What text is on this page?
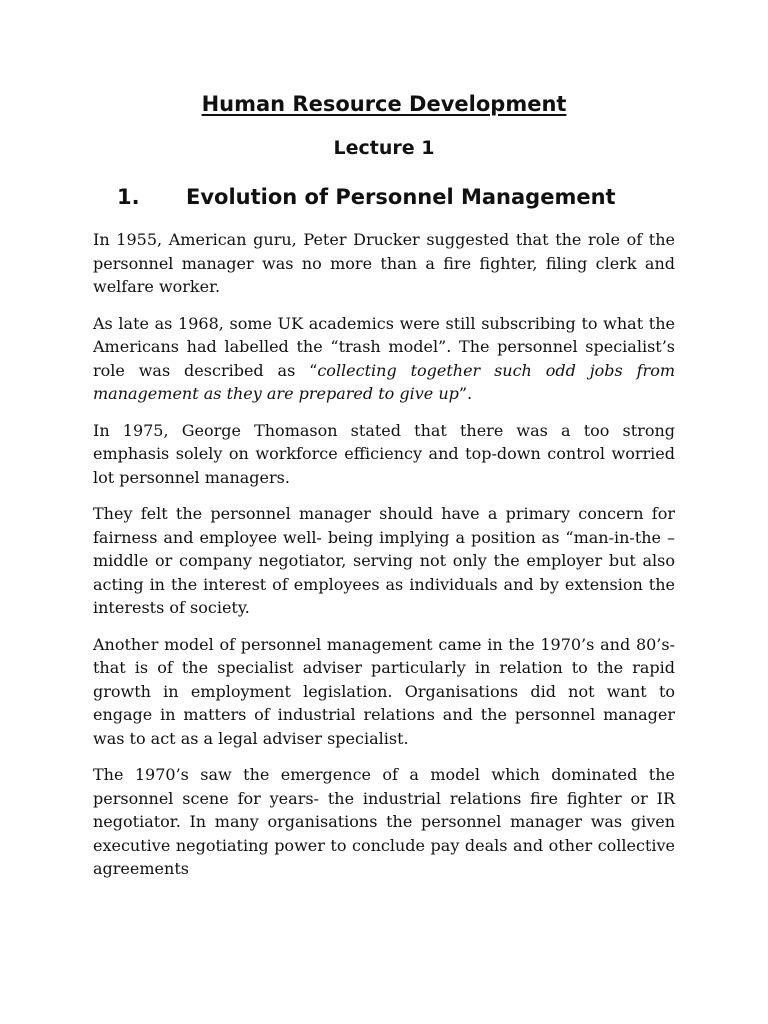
Human Resource Development
Lecture 1
1. Evolution of Personnel Management

In 1955, American guru, Peter Drucker suggested that the role of the personnel manager was no more than a fire fighter, filing clerk and welfare worker.

As late as 1968, some UK academics were still subscribing to what the Americans had labelled the “trash model”. The personnel specialist’s role was described as “collecting together such odd jobs from management as they are prepared to give up”.

In 1975, George Thomason stated that there was a too strong emphasis solely on workforce efficiency and top-down control worried lot personnel managers.

They felt the personnel manager should have a primary concern for fairness and employee well- being implying a position as “man-in-the – middle or company negotiator, serving not only the employer but also acting in the interest of employees as individuals and by extension the interests of society.

Another model of personnel management came in the 1970’s and 80’s- that is of the specialist adviser particularly in relation to the rapid growth in employment legislation. Organisations did not want to engage in matters of industrial relations and the personnel manager was to act as a legal adviser specialist.

The 1970’s saw the emergence of a model which dominated the personnel scene for years- the industrial relations fire fighter or IR negotiator. In many organisations the personnel manager was given executive negotiating power to conclude pay deals and other collective agreements
